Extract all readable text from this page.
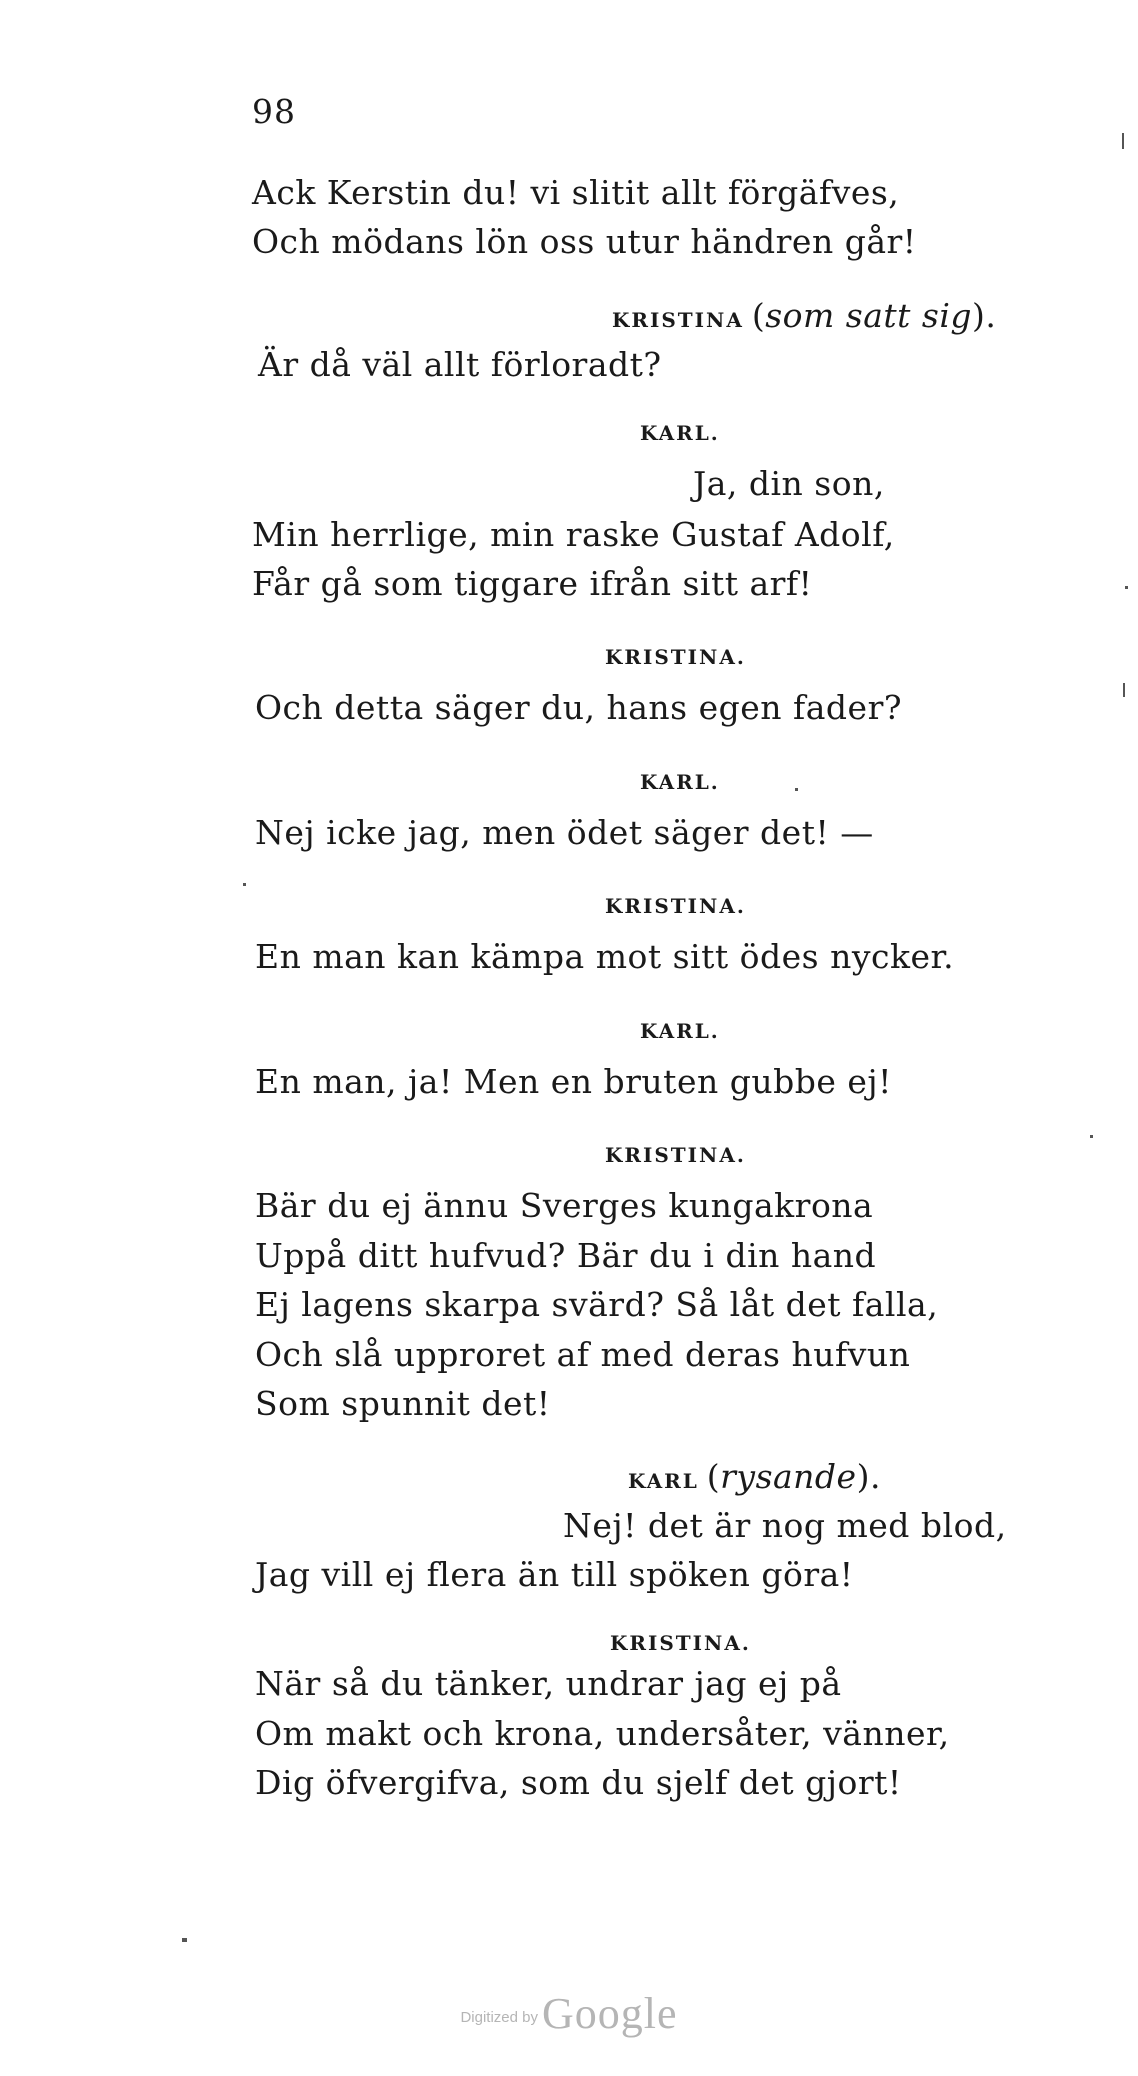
98
Ack Kerstin du! vi slitit allt förgäfves,
Och mödans lön oss utur händren går!
KRISTINA (som satt sig).
Är då väl allt förloradt?
KARL.
Ja, din son,
Min herrlige, min raske Gustaf Adolf,
Får gå som tiggare ifrån sitt arf!
KRISTINA.
Och detta säger du, hans egen fader?
KARL.
Nej icke jag, men ödet säger det! —
KRISTINA.
En man kan kämpa mot sitt ödes nycker.
KARL.
En man, ja! Men en bruten gubbe ej!
KRISTINA.
Bär du ej ännu Sverges kungakrona
Uppå ditt hufvud? Bär du i din hand
Ej lagens skarpa svärd? Så låt det falla,
Och slå upproret af med deras hufvun
Som spunnit det!
KARL (rysande).
Nej! det är nog med blod,
Jag vill ej flera än till spöken göra!
KRISTINA.
När så du tänker, undrar jag ej på
Om makt och krona, undersåter, vänner,
Dig öfvergifva, som du sjelf det gjort!
Digitized byGoogle
